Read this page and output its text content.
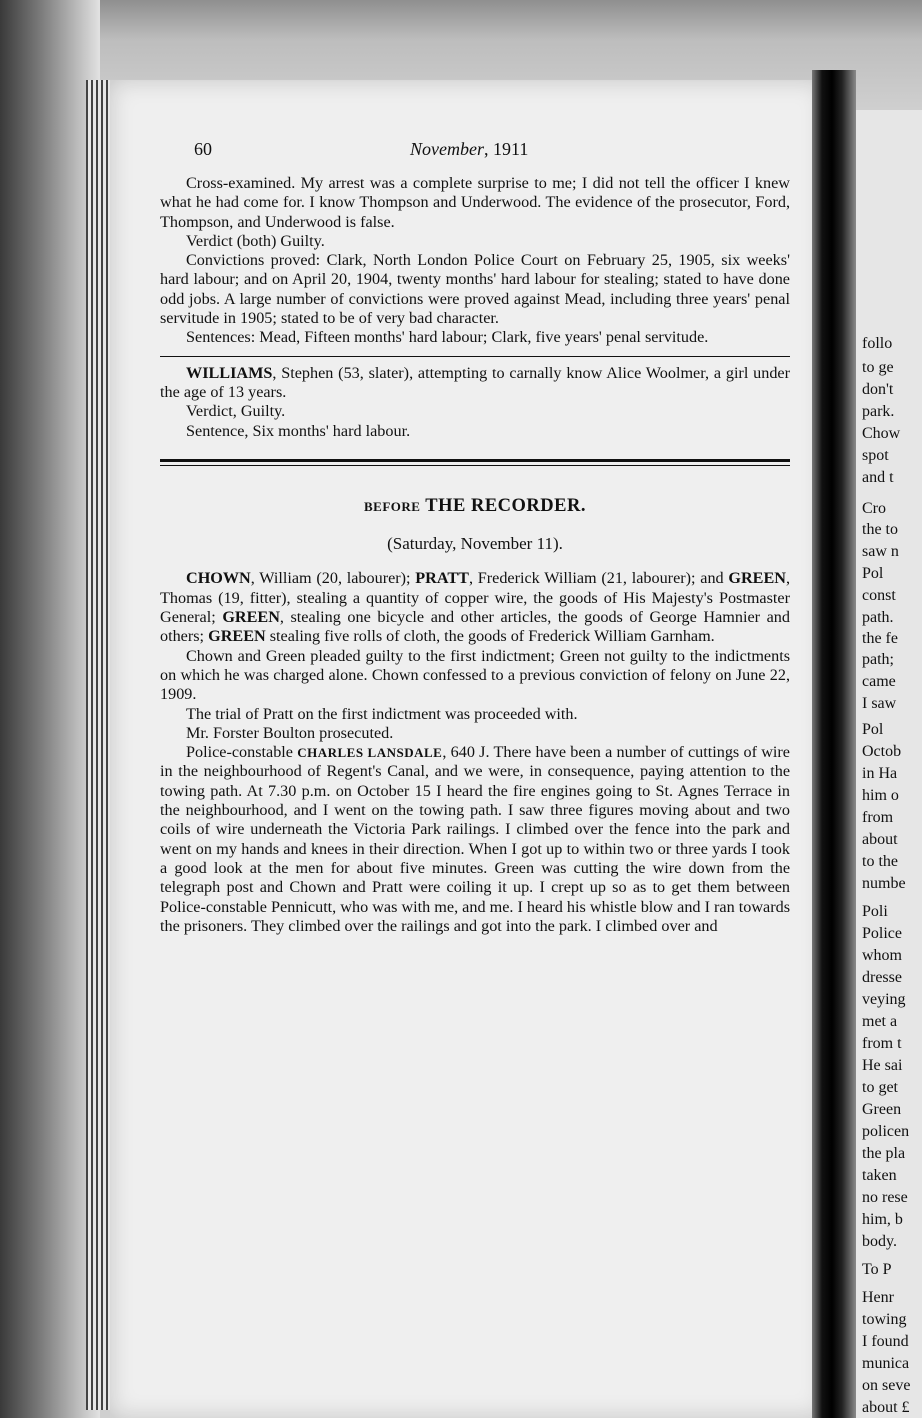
60	November, 1911

Cross-examined. My arrest was a complete surprise to me; I did not tell the officer I knew what he had come for. I know Thompson and Underwood. The evidence of the prosecutor, Ford, Thompson, and Underwood is false.

Verdict (both) Guilty.

Convictions proved: Clark, North London Police Court on February 25, 1905, six weeks' hard labour; and on April 20, 1904, twenty months' hard labour for stealing; stated to have done odd jobs. A large number of convictions were proved against Mead, including three years' penal servitude in 1905; stated to be of very bad character.

Sentences: Mead, Fifteen months' hard labour; Clark, five years' penal servitude.

WILLIAMS, Stephen (53, slater), attempting to carnally know Alice Woolmer, a girl under the age of 13 years.

Verdict, Guilty.

Sentence, Six months' hard labour.

BEFORE THE RECORDER.
(Saturday, November 11).

CHOWN, William (20, labourer); PRATT, Frederick William (21, labourer); and GREEN, Thomas (19, fitter), stealing a quantity of copper wire, the goods of His Majesty's Postmaster General; GREEN, stealing one bicycle and other articles, the goods of George Hamnier and others; GREEN stealing five rolls of cloth, the goods of Frederick William Garnham.

Chown and Green pleaded guilty to the first indictment; Green not guilty to the indictments on which he was charged alone. Chown confessed to a previous conviction of felony on June 22, 1909.

The trial of Pratt on the first indictment was proceeded with.

Mr. Forster Boulton prosecuted.

Police-constable CHARLES LANSDALE, 640 J. There have been a number of cuttings of wire in the neighbourhood of Regent's Canal, and we were, in consequence, paying attention to the towing path. At 7.30 p.m. on October 15 I heard the fire engines going to St. Agnes Terrace in the neighbourhood, and I went on the towing path. I saw three figures moving about and two coils of wire underneath the Victoria Park railings. I climbed over the fence into the park and went on my hands and knees in their direction. When I got up to within two or three yards I took a good look at the men for about five minutes. Green was cutting the wire down from the telegraph post and Chown and Pratt were coiling it up. I crept up so as to get them between Police-constable Pennicutt, who was with me, and me. I heard his whistle blow and I ran towards the prisoners. They climbed over the railings and got into the park. I climbed over and

follo
to ge
don't
park.
Chow
spot
and t
Cro
the to
saw n
Pol
const
path.
the fe
path;
came
I saw
Pol
Octob
in Ha
him o
from
about
to the
numbe
Poli
Police
whom
dresse
veying
met a
from t
He sai
to get
Green
policen
the pla
taken
no rese
him, b
body.
To P
Henr
towing
I found
munica
on seve
about £
